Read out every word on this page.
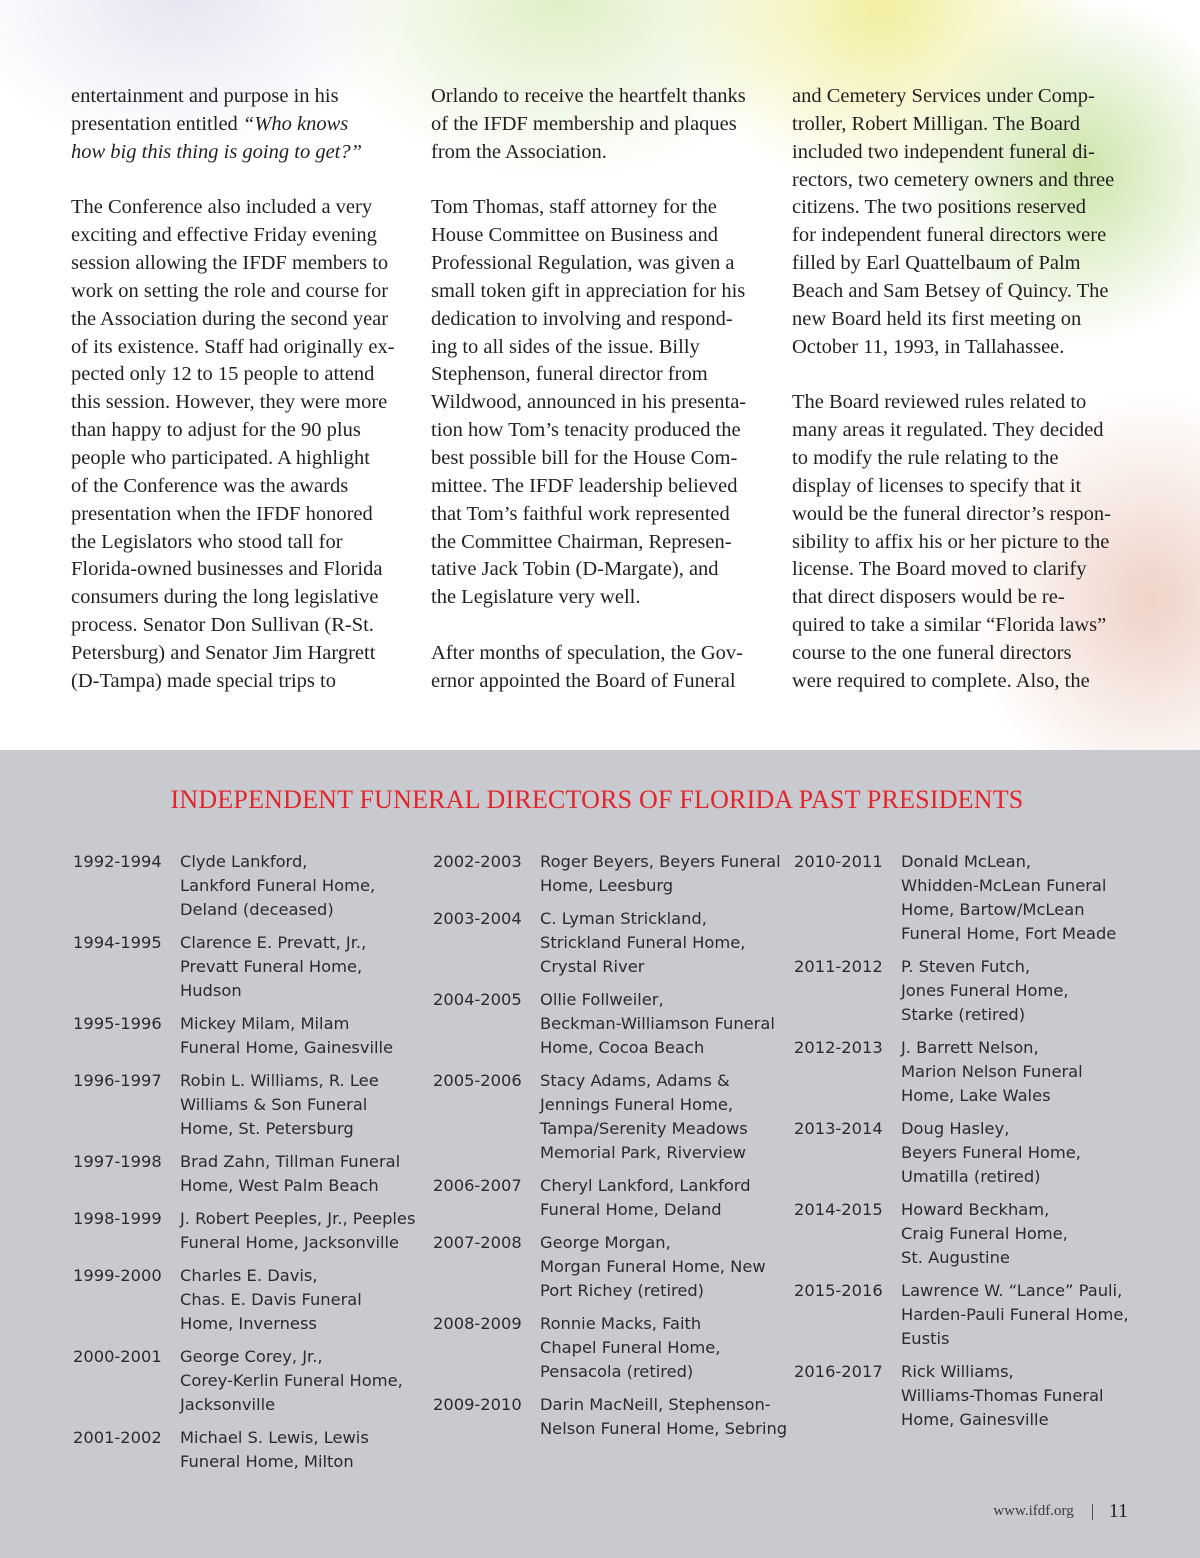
entertainment and purpose in his
presentation entitled “Who knows
how big this thing is going to get?”

The Conference also included a very
exciting and effective Friday evening
session allowing the IFDF members to
work on setting the role and course for
the Association during the second year
of its existence. Staff had originally ex-
pected only 12 to 15 people to attend
this session. However, they were more
than happy to adjust for the 90 plus
people who participated. A highlight
of the Conference was the awards
presentation when the IFDF honored
the Legislators who stood tall for
Florida-owned businesses and Florida
consumers during the long legislative
process. Senator Don Sullivan (R-St.
Petersburg) and Senator Jim Hargrett
(D-Tampa) made special trips to

Orlando to receive the heartfelt thanks
of the IFDF membership and plaques
from the Association.

Tom Thomas, staff attorney for the
House Committee on Business and
Professional Regulation, was given a
small token gift in appreciation for his
dedication to involving and respond-
ing to all sides of the issue. Billy
Stephenson, funeral director from
Wildwood, announced in his presenta-
tion how Tom’s tenacity produced the
best possible bill for the House Com-
mittee. The IFDF leadership believed
that Tom’s faithful work represented
the Committee Chairman, Represen-
tative Jack Tobin (D-Margate), and
the Legislature very well.

After months of speculation, the Gov-
ernor appointed the Board of Funeral

and Cemetery Services under Comp-
troller, Robert Milligan. The Board
included two independent funeral di-
rectors, two cemetery owners and three
citizens. The two positions reserved
for independent funeral directors were
filled by Earl Quattelbaum of Palm
Beach and Sam Betsey of Quincy. The
new Board held its first meeting on
October 11, 1993, in Tallahassee.

The Board reviewed rules related to
many areas it regulated. They decided
to modify the rule relating to the
display of licenses to specify that it
would be the funeral director’s respon-
sibility to affix his or her picture to the
license. The Board moved to clarify
that direct disposers would be re-
quired to take a similar “Florida laws”
course to the one funeral directors
were required to complete. Also, the

INDEPENDENT FUNERAL DIRECTORS OF FLORIDA PAST PRESIDENTS
1992-1994	Clyde Lankford,
Lankford Funeral Home,
Deland (deceased)
1994-1995	Clarence E. Prevatt, Jr.,
Prevatt Funeral Home,
Hudson
1995-1996	Mickey Milam, Milam
Funeral Home, Gainesville
1996-1997	Robin L. Williams, R. Lee
Williams & Son Funeral
Home, St. Petersburg
1997-1998	Brad Zahn, Tillman Funeral
Home, West Palm Beach
1998-1999	J. Robert Peeples, Jr., Peeples
Funeral Home, Jacksonville
1999-2000	Charles E. Davis,
Chas. E. Davis Funeral
Home, Inverness
2000-2001	George Corey, Jr.,
Corey-Kerlin Funeral Home,
Jacksonville
2001-2002	Michael S. Lewis, Lewis
Funeral Home, Milton
2002-2003	Roger Beyers, Beyers Funeral
Home, Leesburg
2003-2004	C. Lyman Strickland,
Strickland Funeral Home,
Crystal River
2004-2005	Ollie Follweiler,
Beckman-Williamson Funeral
Home, Cocoa Beach
2005-2006	Stacy Adams, Adams &
Jennings Funeral Home,
Tampa/Serenity Meadows
Memorial Park, Riverview
2006-2007	Cheryl Lankford, Lankford
Funeral Home, Deland
2007-2008	George Morgan,
Morgan Funeral Home, New
Port Richey (retired)
2008-2009	Ronnie Macks, Faith
Chapel Funeral Home,
Pensacola (retired)
2009-2010	Darin MacNeill, Stephenson-
Nelson Funeral Home, Sebring
2010-2011	Donald McLean,
Whidden-McLean Funeral
Home, Bartow/McLean
Funeral Home, Fort Meade
2011-2012	P. Steven Futch,
Jones Funeral Home,
Starke (retired)
2012-2013	J. Barrett Nelson,
Marion Nelson Funeral
Home, Lake Wales
2013-2014	Doug Hasley,
Beyers Funeral Home,
Umatilla (retired)
2014-2015	Howard Beckham,
Craig Funeral Home,
St. Augustine
2015-2016	Lawrence W. “Lance” Pauli,
Harden-Pauli Funeral Home,
Eustis
2016-2017	Rick Williams,
Williams-Thomas Funeral
Home, Gainesville
www.ifdf.org 11
